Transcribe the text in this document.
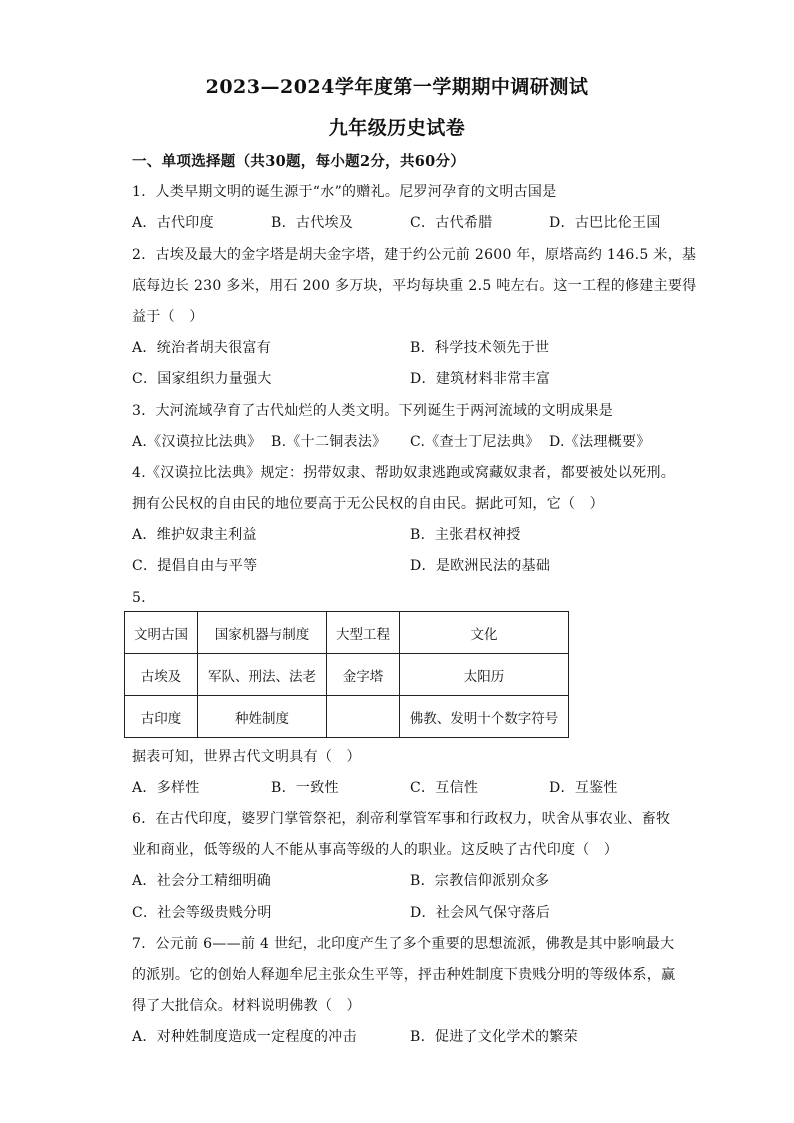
2023—2024学年度第一学期期中调研测试
九年级历史试卷
一、单项选择题（共30题，每小题2分，共60分）
1．人类早期文明的诞生源于“水”的赠礼。尼罗河孕育的文明古国是
A．古代印度	B．古代埃及	C．古代希腊	D．古巴比伦王国
2．古埃及最大的金字塔是胡夫金字塔，建于约公元前 2600 年，原塔高约 146.5 米，基
底每边长 230 多米，用石 200 多万块，平均每块重 2.5 吨左右。这一工程的修建主要得
益于（　）
A．统治者胡夫很富有	B．科学技术领先于世
C．国家组织力量强大	D．建筑材料非常丰富
3．大河流域孕育了古代灿烂的人类文明。下列诞生于两河流域的文明成果是
A.《汉谟拉比法典》 B.《十二铜表法》 C.《查士丁尼法典》 D.《法理概要》
4.《汉谟拉比法典》规定：拐带奴隶、帮助奴隶逃跑或窝藏奴隶者，都要被处以死刑。
拥有公民权的自由民的地位要高于无公民权的自由民。据此可知，它（　）
A．维护奴隶主利益	B．主张君权神授
C．提倡自由与平等	D．是欧洲民法的基础
5．
文明古国	国家机器与制度	大型工程	文化
古埃及	军队、刑法、法老	金字塔	太阳历
古印度	种姓制度		佛教、发明十个数字符号
据表可知，世界古代文明具有（　）
A．多样性	B．一致性	C．互信性	D．互鉴性
6．在古代印度，婆罗门掌管祭祀，刹帝利掌管军事和行政权力，吠舍从事农业、畜牧
业和商业，低等级的人不能从事高等级的人的职业。这反映了古代印度（　）
A．社会分工精细明确	B．宗教信仰派别众多
C．社会等级贵贱分明	D．社会风气保守落后
7．公元前 6——前 4 世纪，北印度产生了多个重要的思想流派，佛教是其中影响最大
的派别。它的创始人释迦牟尼主张众生平等，抨击种姓制度下贵贱分明的等级体系，赢
得了大批信众。材料说明佛教（　）
A．对种姓制度造成一定程度的冲击	B．促进了文化学术的繁荣
